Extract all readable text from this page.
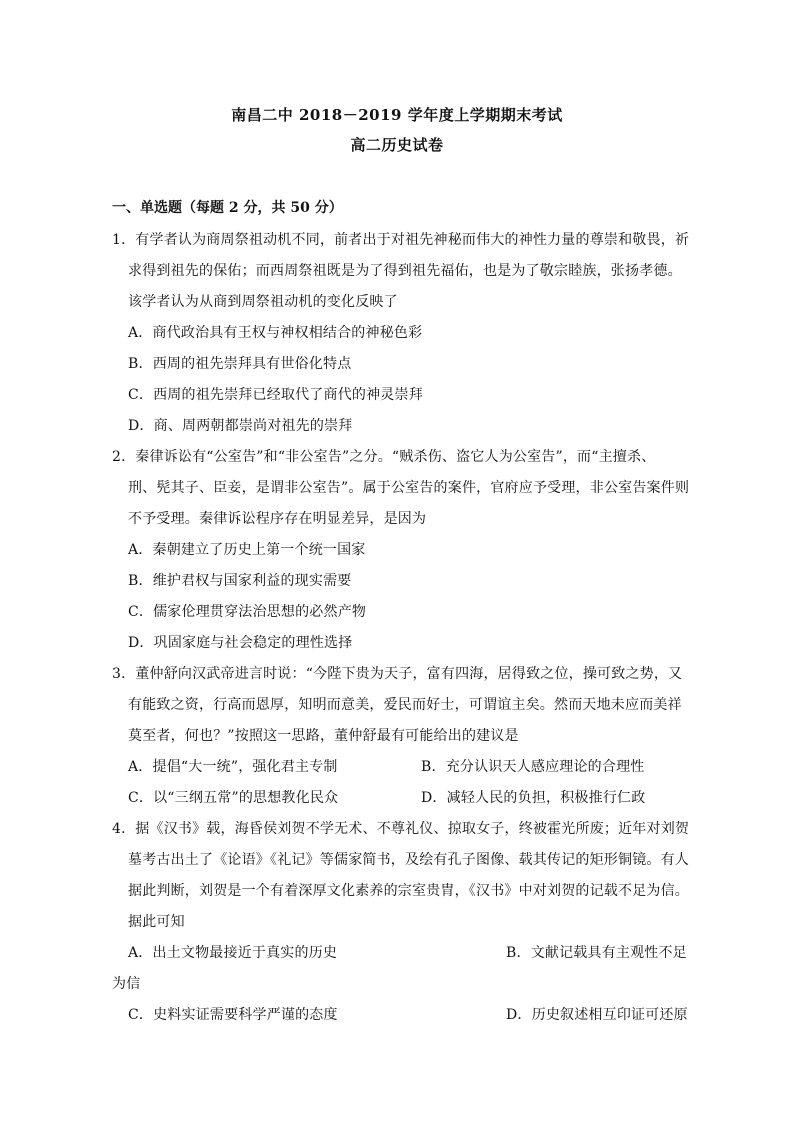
南昌二中 2018－2019 学年度上学期期末考试
高二历史试卷
一、单选题（每题 2 分，共 50 分）
1．有学者认为商周祭祖动机不同，前者出于对祖先神秘而伟大的神性力量的尊崇和敬畏，祈
求得到祖先的保佑；而西周祭祖既是为了得到祖先福佑，也是为了敬宗睦族，张扬孝德。
该学者认为从商到周祭祖动机的变化反映了
A．商代政治具有王权与神权相结合的神秘色彩
B．西周的祖先崇拜具有世俗化特点
C．西周的祖先崇拜已经取代了商代的神灵崇拜
D．商、周两朝都崇尚对祖先的崇拜
2．秦律诉讼有“公室告”和“非公室告”之分。“贼杀伤、盗它人为公室告”，而“主擅杀、
刑、髡其子、臣妾，是谓非公室告”。属于公室告的案件，官府应予受理，非公室告案件则
不予受理。秦律诉讼程序存在明显差异，是因为
A．秦朝建立了历史上第一个统一国家
B．维护君权与国家利益的现实需要
C．儒家伦理贯穿法治思想的必然产物
D．巩固家庭与社会稳定的理性选择
3．董仲舒向汉武帝进言时说：“今陛下贵为天子，富有四海，居得致之位，操可致之势，又
有能致之资，行高而恩厚，知明而意美，爱民而好士，可谓谊主矣。然而天地未应而美祥
莫至者，何也？”按照这一思路，董仲舒最有可能给出的建议是
A．提倡“大一统”，强化君主专制	B．充分认识天人感应理论的合理性
C．以“三纲五常”的思想教化民众	D．减轻人民的负担，积极推行仁政
4．据《汉书》载，海昏侯刘贺不学无术、不尊礼仪、掠取女子，终被霍光所废；近年对刘贺
墓考古出土了《论语》《礼记》等儒家简书，及绘有孔子图像、载其传记的矩形铜镜。有人
据此判断，刘贺是一个有着深厚文化素养的宗室贵胄，《汉书》中对刘贺的记载不足为信。
据此可知
A．出土文物最接近于真实的历史	B．文献记载具有主观性不足
为信
C．史料实证需要科学严谨的态度	D．历史叙述相互印证可还原
